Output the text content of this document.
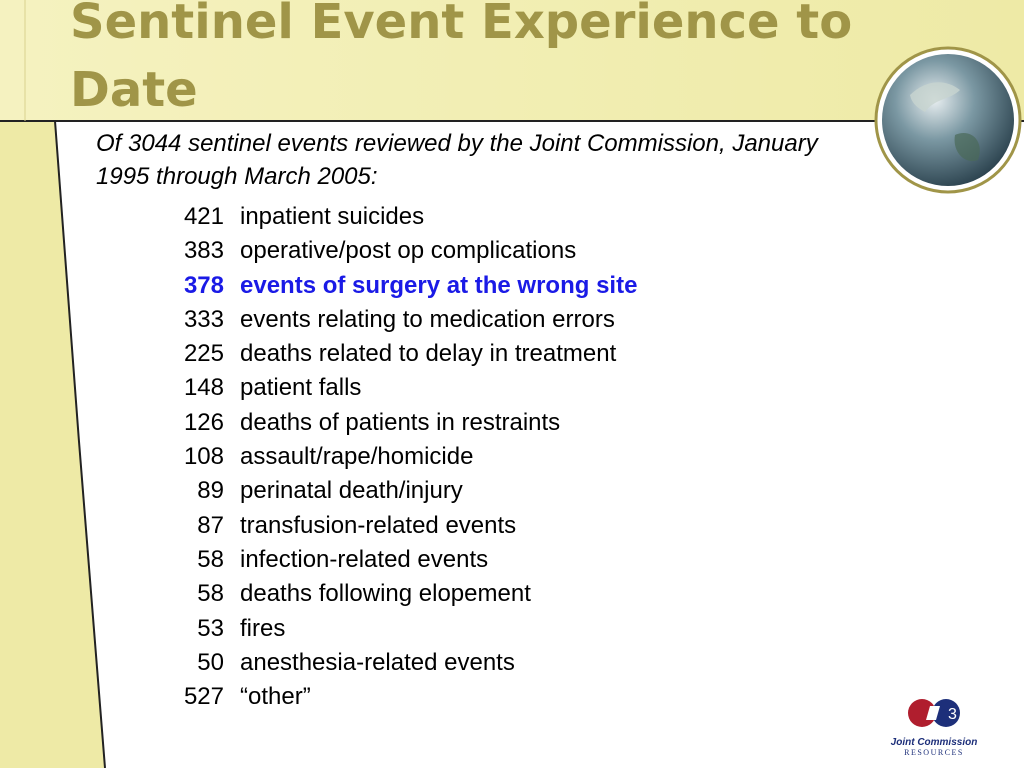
Joint Commission
RESOURCES
Sentinel Event Experience to Date
Of 3044 sentinel events reviewed by the Joint Commission, January 1995 through March 2005:
421 inpatient suicides
383 operative/post op complications
378 events of surgery at the wrong site
333 events relating to medication errors
225 deaths related to delay in treatment
148 patient falls
126 deaths of patients in restraints
108 assault/rape/homicide
89 perinatal death/injury
87 transfusion-related events
58 infection-related events
58 deaths following elopement
53 fires
50 anesthesia-related events
527 “other”
3
